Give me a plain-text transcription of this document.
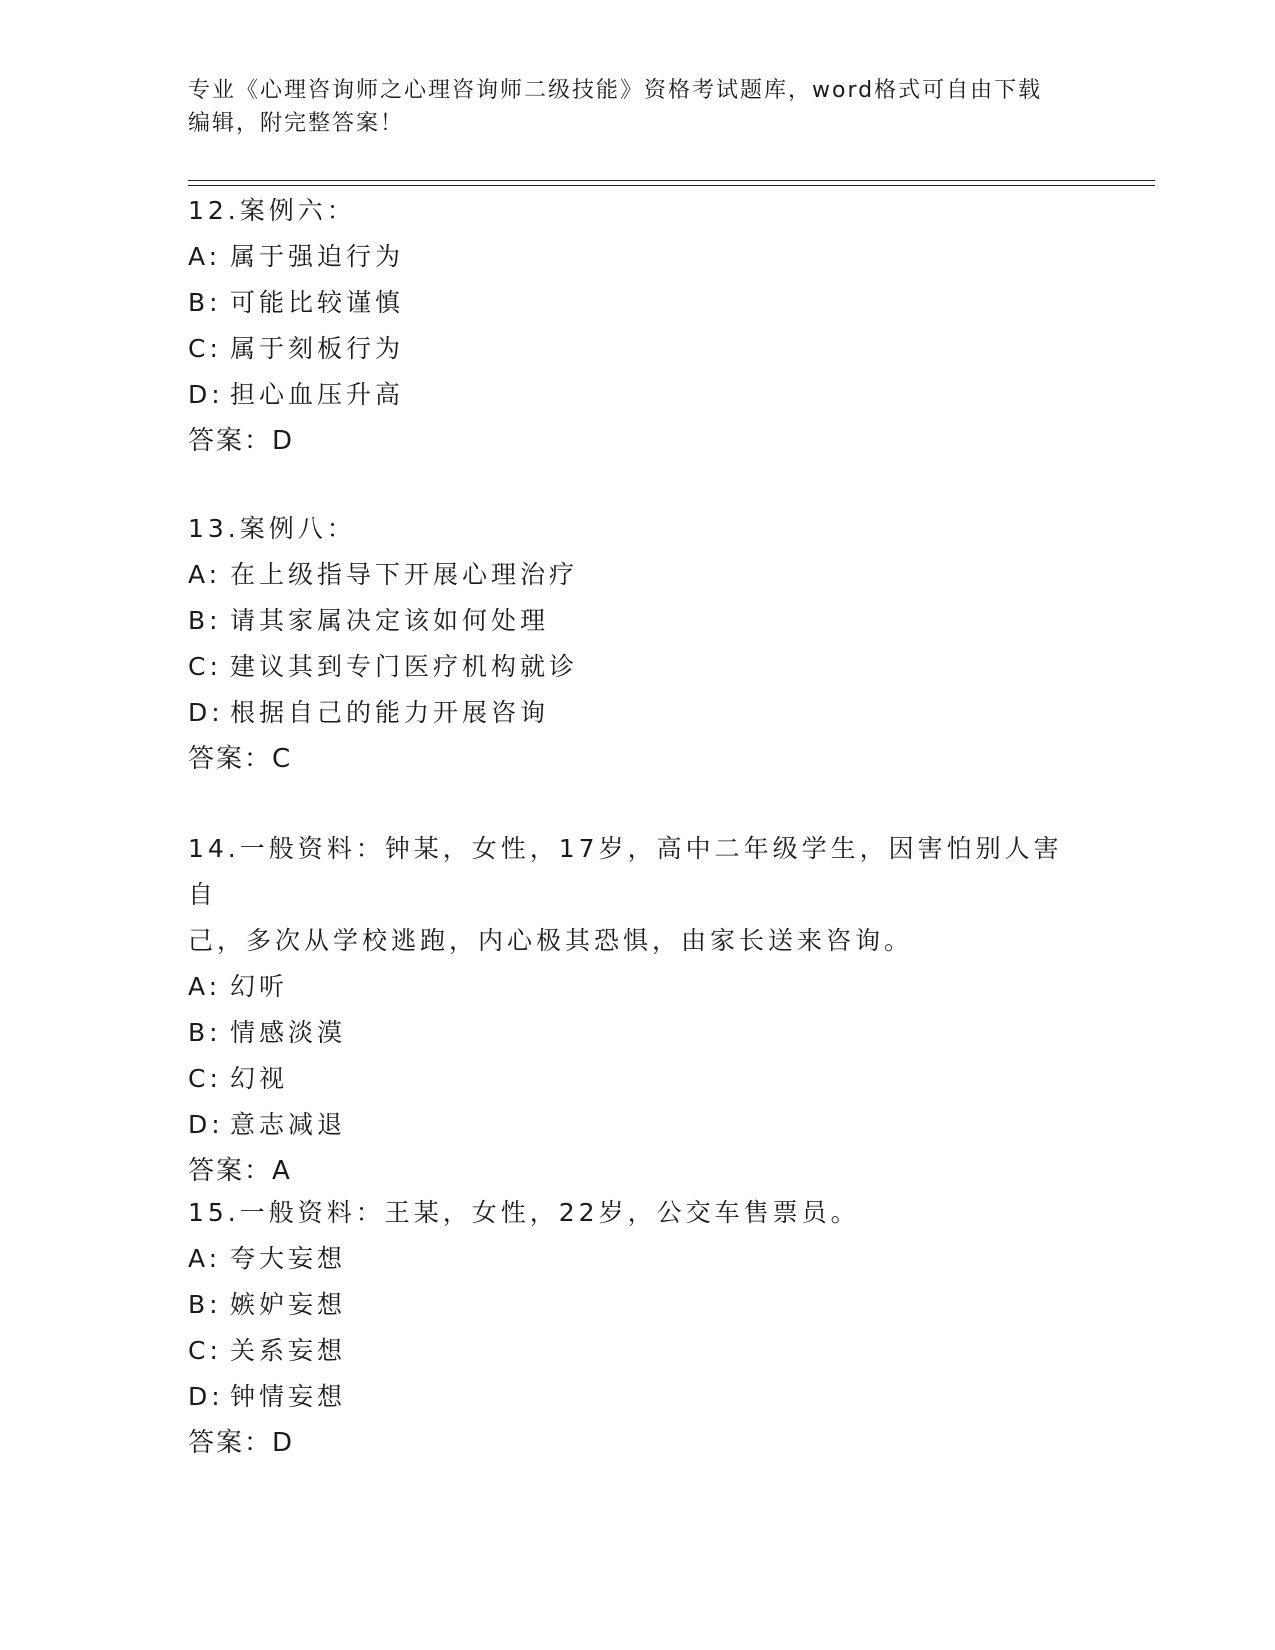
专业《心理咨询师之心理咨询师二级技能》资格考试题库，word格式可自由下载
编辑，附完整答案！

12.案例六：

A: 属于强迫行为

B: 可能比较谨慎

C: 属于刻板行为

D: 担心血压升高

答案：D

13.案例八：

A: 在上级指导下开展心理治疗

B: 请其家属决定该如何处理

C: 建议其到专门医疗机构就诊

D: 根据自己的能力开展咨询

答案：C

14.一般资料：钟某，女性，17岁，高中二年级学生，因害怕别人害自

己，多次从学校逃跑，内心极其恐惧，由家长送来咨询。

A: 幻听

B: 情感淡漠

C: 幻视

D: 意志减退

答案：A

15.一般资料：王某，女性，22岁，公交车售票员。

A: 夸大妄想

B: 嫉妒妄想

C: 关系妄想

D: 钟情妄想

答案：D
